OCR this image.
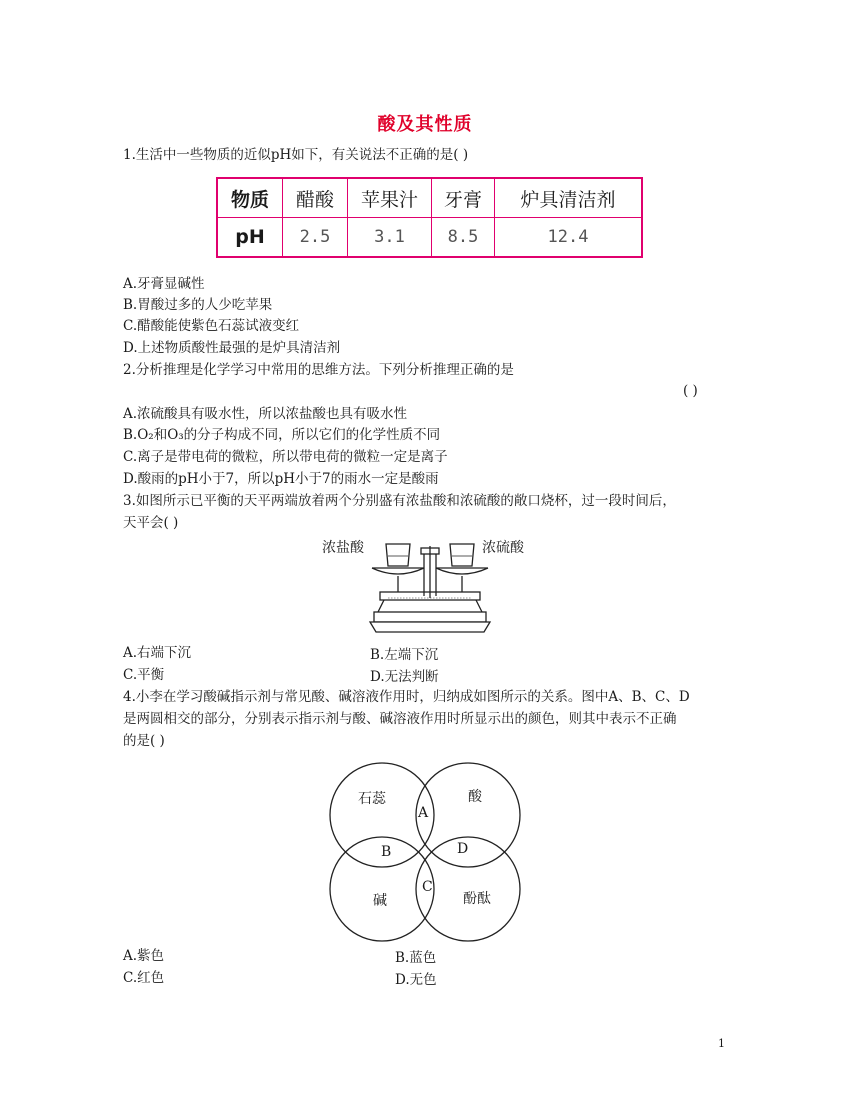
酸及其性质
1.生活中一些物质的近似pH如下，有关说法不正确的是( )
物质	醋酸	苹果汁	牙膏	炉具清洁剂
pH	2.5	3.1	8.5	12.4
A.牙膏显碱性
B.胃酸过多的人少吃苹果
C.醋酸能使紫色石蕊试液变红
D.上述物质酸性最强的是炉具清洁剂
2.分析推理是化学学习中常用的思维方法。下列分析推理正确的是
( )
A.浓硫酸具有吸水性，所以浓盐酸也具有吸水性
B.O₂和O₃的分子构成不同，所以它们的化学性质不同
C.离子是带电荷的微粒，所以带电荷的微粒一定是离子
D.酸雨的pH小于7，所以pH小于7的雨水一定是酸雨
3.如图所示已平衡的天平两端放着两个分别盛有浓盐酸和浓硫酸的敞口烧杯，过一段时间后，
天平会( )
浓盐酸	浓硫酸
A.右端下沉	B.左端下沉
C.平衡	D.无法判断
4.小李在学习酸碱指示剂与常见酸、碱溶液作用时，归纳成如图所示的关系。图中A、B、C、D
是两圆相交的部分，分别表示指示剂与酸、碱溶液作用时所显示出的颜色，则其中表示不正确
的是( )
石蕊	酸
碱	酚酞
A
B
C
D
A.紫色	B.蓝色
C.红色	D.无色
1
